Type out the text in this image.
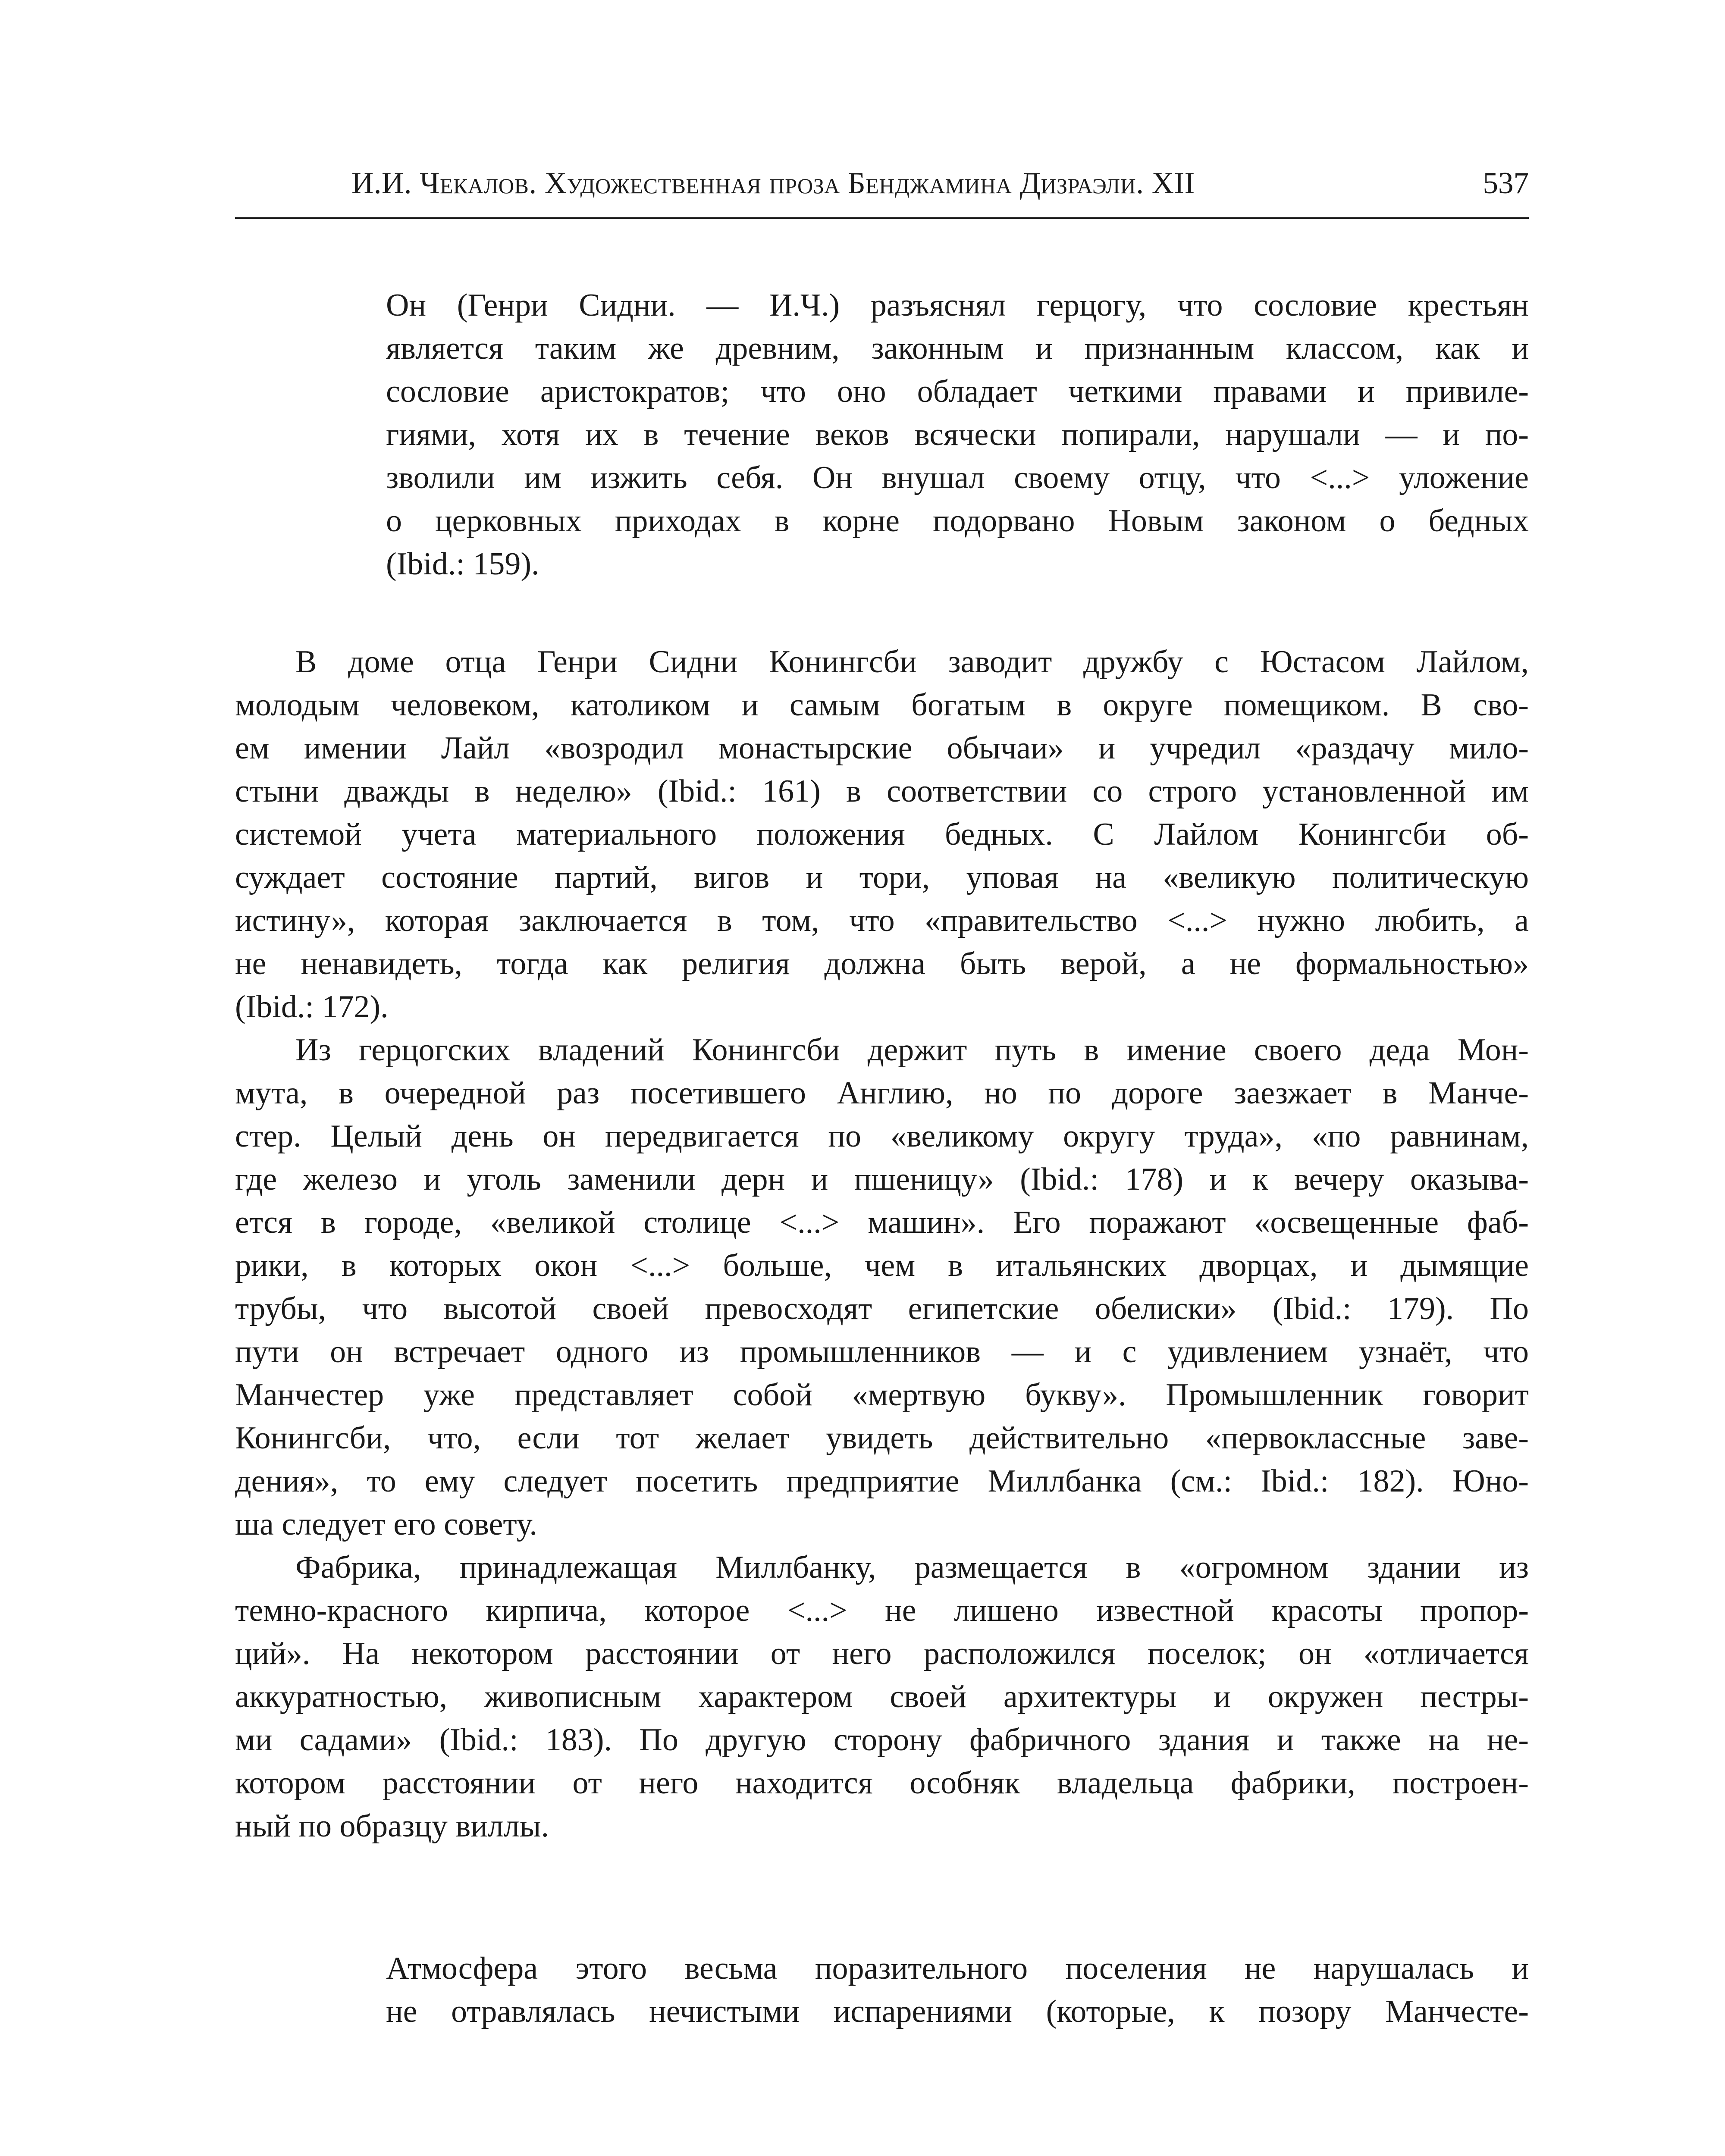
И.И. Чекалов. Художественная проза Бенджамина Дизраэли. XII	537
Он (Генри Сидни. — И.Ч.) разъяснял герцогу, что сословие крестьян
является таким же древним, законным и признанным классом, как и
сословие аристократов; что оно обладает четкими правами и привиле-
гиями, хотя их в течение веков всячески попирали, нарушали — и по-
зволили им изжить себя. Он внушал своему отцу, что <...> уложение
о церковных приходах в корне подорвано Новым законом о бедных
(Ibid.: 159).
В доме отца Генри Сидни Конингсби заводит дружбу с Юстасом Лайлом,
молодым человеком, католиком и самым богатым в округе помещиком. В сво-
ем имении Лайл «возродил монастырские обычаи» и учредил «раздачу мило-
стыни дважды в неделю» (Ibid.: 161) в соответствии со строго установленной им
системой учета материального положения бедных. С Лайлом Конингсби об-
суждает состояние партий, вигов и тори, уповая на «великую политическую
истину», которая заключается в том, что «правительство <...> нужно любить, а
не ненавидеть, тогда как религия должна быть верой, а не формальностью»
(Ibid.: 172).
Из герцогских владений Конингсби держит путь в имение своего деда Мон-
мута, в очередной раз посетившего Англию, но по дороге заезжает в Манче-
стер. Целый день он передвигается по «великому округу труда», «по равнинам,
где железо и уголь заменили дерн и пшеницу» (Ibid.: 178) и к вечеру оказыва-
ется в городе, «великой столице <...> машин». Его поражают «освещенные фаб-
рики, в которых окон <...> больше, чем в итальянских дворцах, и дымящие
трубы, что высотой своей превосходят египетские обелиски» (Ibid.: 179). По
пути он встречает одного из промышленников — и с удивлением узнаёт, что
Манчестер уже представляет собой «мертвую букву». Промышленник говорит
Конингсби, что, если тот желает увидеть действительно «первоклассные заве-
дения», то ему следует посетить предприятие Миллбанка (см.: Ibid.: 182). Юно-
ша следует его совету.
Фабрика, принадлежащая Миллбанку, размещается в «огромном здании из
темно-красного кирпича, которое <...> не лишено известной красоты пропор-
ций». На некотором расстоянии от него расположился поселок; он «отличается
аккуратностью, живописным характером своей архитектуры и окружен пестры-
ми садами» (Ibid.: 183). По другую сторону фабричного здания и также на не-
котором расстоянии от него находится особняк владельца фабрики, построен-
ный по образцу виллы.
Атмосфера этого весьма поразительного поселения не нарушалась и
не отравлялась нечистыми испарениями (которые, к позору Манчесте-
